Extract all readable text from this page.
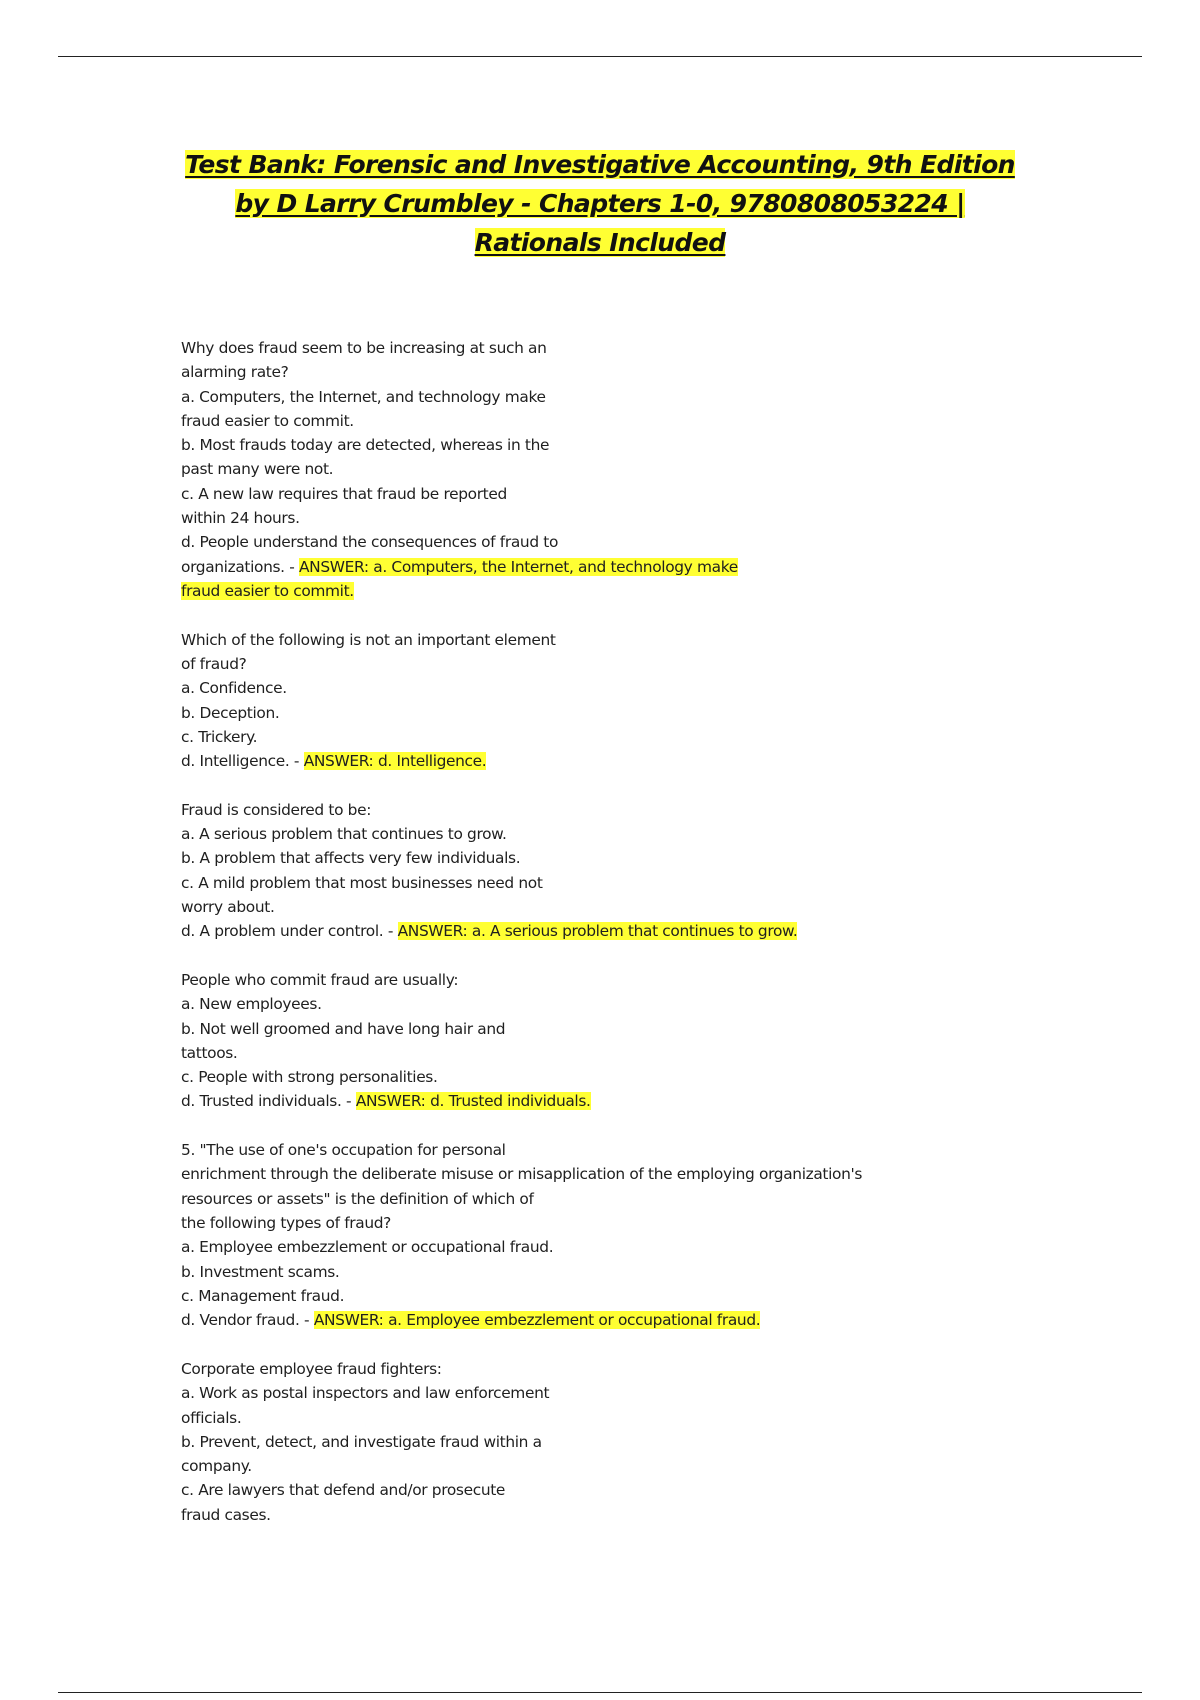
Test Bank: Forensic and Investigative Accounting, 9th Edition
by D Larry Crumbley - Chapters 1-0, 9780808053224 |
Rationals Included
Why does fraud seem to be increasing at such an
alarming rate?
a. Computers, the Internet, and technology make
fraud easier to commit.
b. Most frauds today are detected, whereas in the
past many were not.
c. A new law requires that fraud be reported
within 24 hours.
d. People understand the consequences of fraud to
organizations. - ANSWER: a. Computers, the Internet, and technology make
fraud easier to commit.
Which of the following is not an important element
of fraud?
a. Confidence.
b. Deception.
c. Trickery.
d. Intelligence. - ANSWER: d. Intelligence.
Fraud is considered to be:
a. A serious problem that continues to grow.
b. A problem that affects very few individuals.
c. A mild problem that most businesses need not
worry about.
d. A problem under control. - ANSWER: a. A serious problem that continues to grow.
People who commit fraud are usually:
a. New employees.
b. Not well groomed and have long hair and
tattoos.
c. People with strong personalities.
d. Trusted individuals. - ANSWER: d. Trusted individuals.
5. "The use of one's occupation for personal
enrichment through the deliberate misuse or misapplication of the employing organization's
resources or assets" is the definition of which of
the following types of fraud?
a. Employee embezzlement or occupational fraud.
b. Investment scams.
c. Management fraud.
d. Vendor fraud. - ANSWER: a. Employee embezzlement or occupational fraud.
Corporate employee fraud fighters:
a. Work as postal inspectors and law enforcement
officials.
b. Prevent, detect, and investigate fraud within a
company.
c. Are lawyers that defend and/or prosecute
fraud cases.
